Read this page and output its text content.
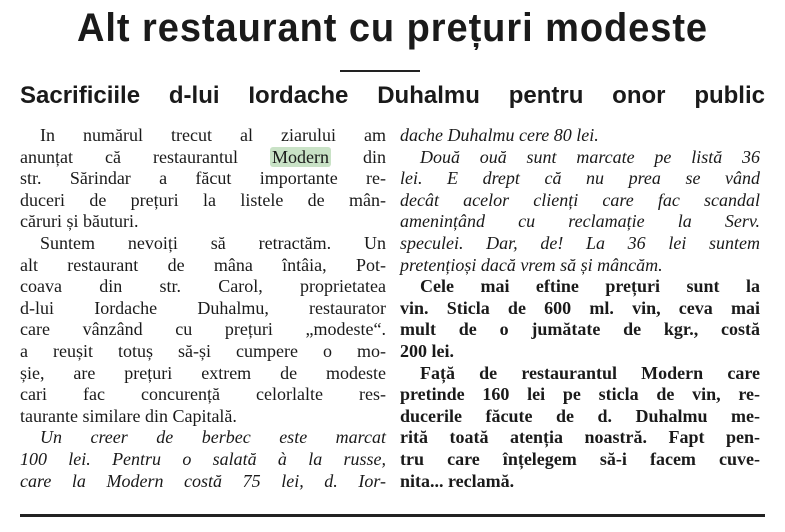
Alt restaurant cu prețuri modeste
Sacrificiile d-lui Iordache Duhalmu pentru onor public
In numărul trecut al ziarului am
anunțat că restaurantul Modern din
str. Sărindar a făcut importante re-
duceri de prețuri la listele de mân-
căruri și băuturi.
Suntem nevoiți să retractăm. Un
alt restaurant de mâna întâia, Pot-
coava din str. Carol, proprietatea
d-lui Iordache Duhalmu, restaurator
care vânzând cu prețuri „modeste“.
a reușit totuș să-și cumpere o mo-
șie, are prețuri extrem de modeste
cari fac concurență celorlalte res-
taurante similare din Capitală.
Un creer de berbec este marcat
100 lei. Pentru o salată à la russe,
care la Modern costă 75 lei, d. Ior-
dache Duhalmu cere 80 lei.
Două ouă sunt marcate pe listă 36
lei. E drept că nu prea se vând
decât acelor clienți care fac scandal
amenințând cu reclamație la Serv.
speculei. Dar, de! La 36 lei suntem
pretențioși dacă vrem să și mâncăm.
Cele mai eftine prețuri sunt la
vin. Sticla de 600 ml. vin, ceva mai
mult de o jumătate de kgr., costă
200 lei.
Față de restaurantul Modern care
pretinde 160 lei pe sticla de vin, re-
ducerile făcute de d. Duhalmu me-
rită toată atenția noastră. Fapt pen-
tru care înțelegem să-i facem cuve-
nita... reclamă.
